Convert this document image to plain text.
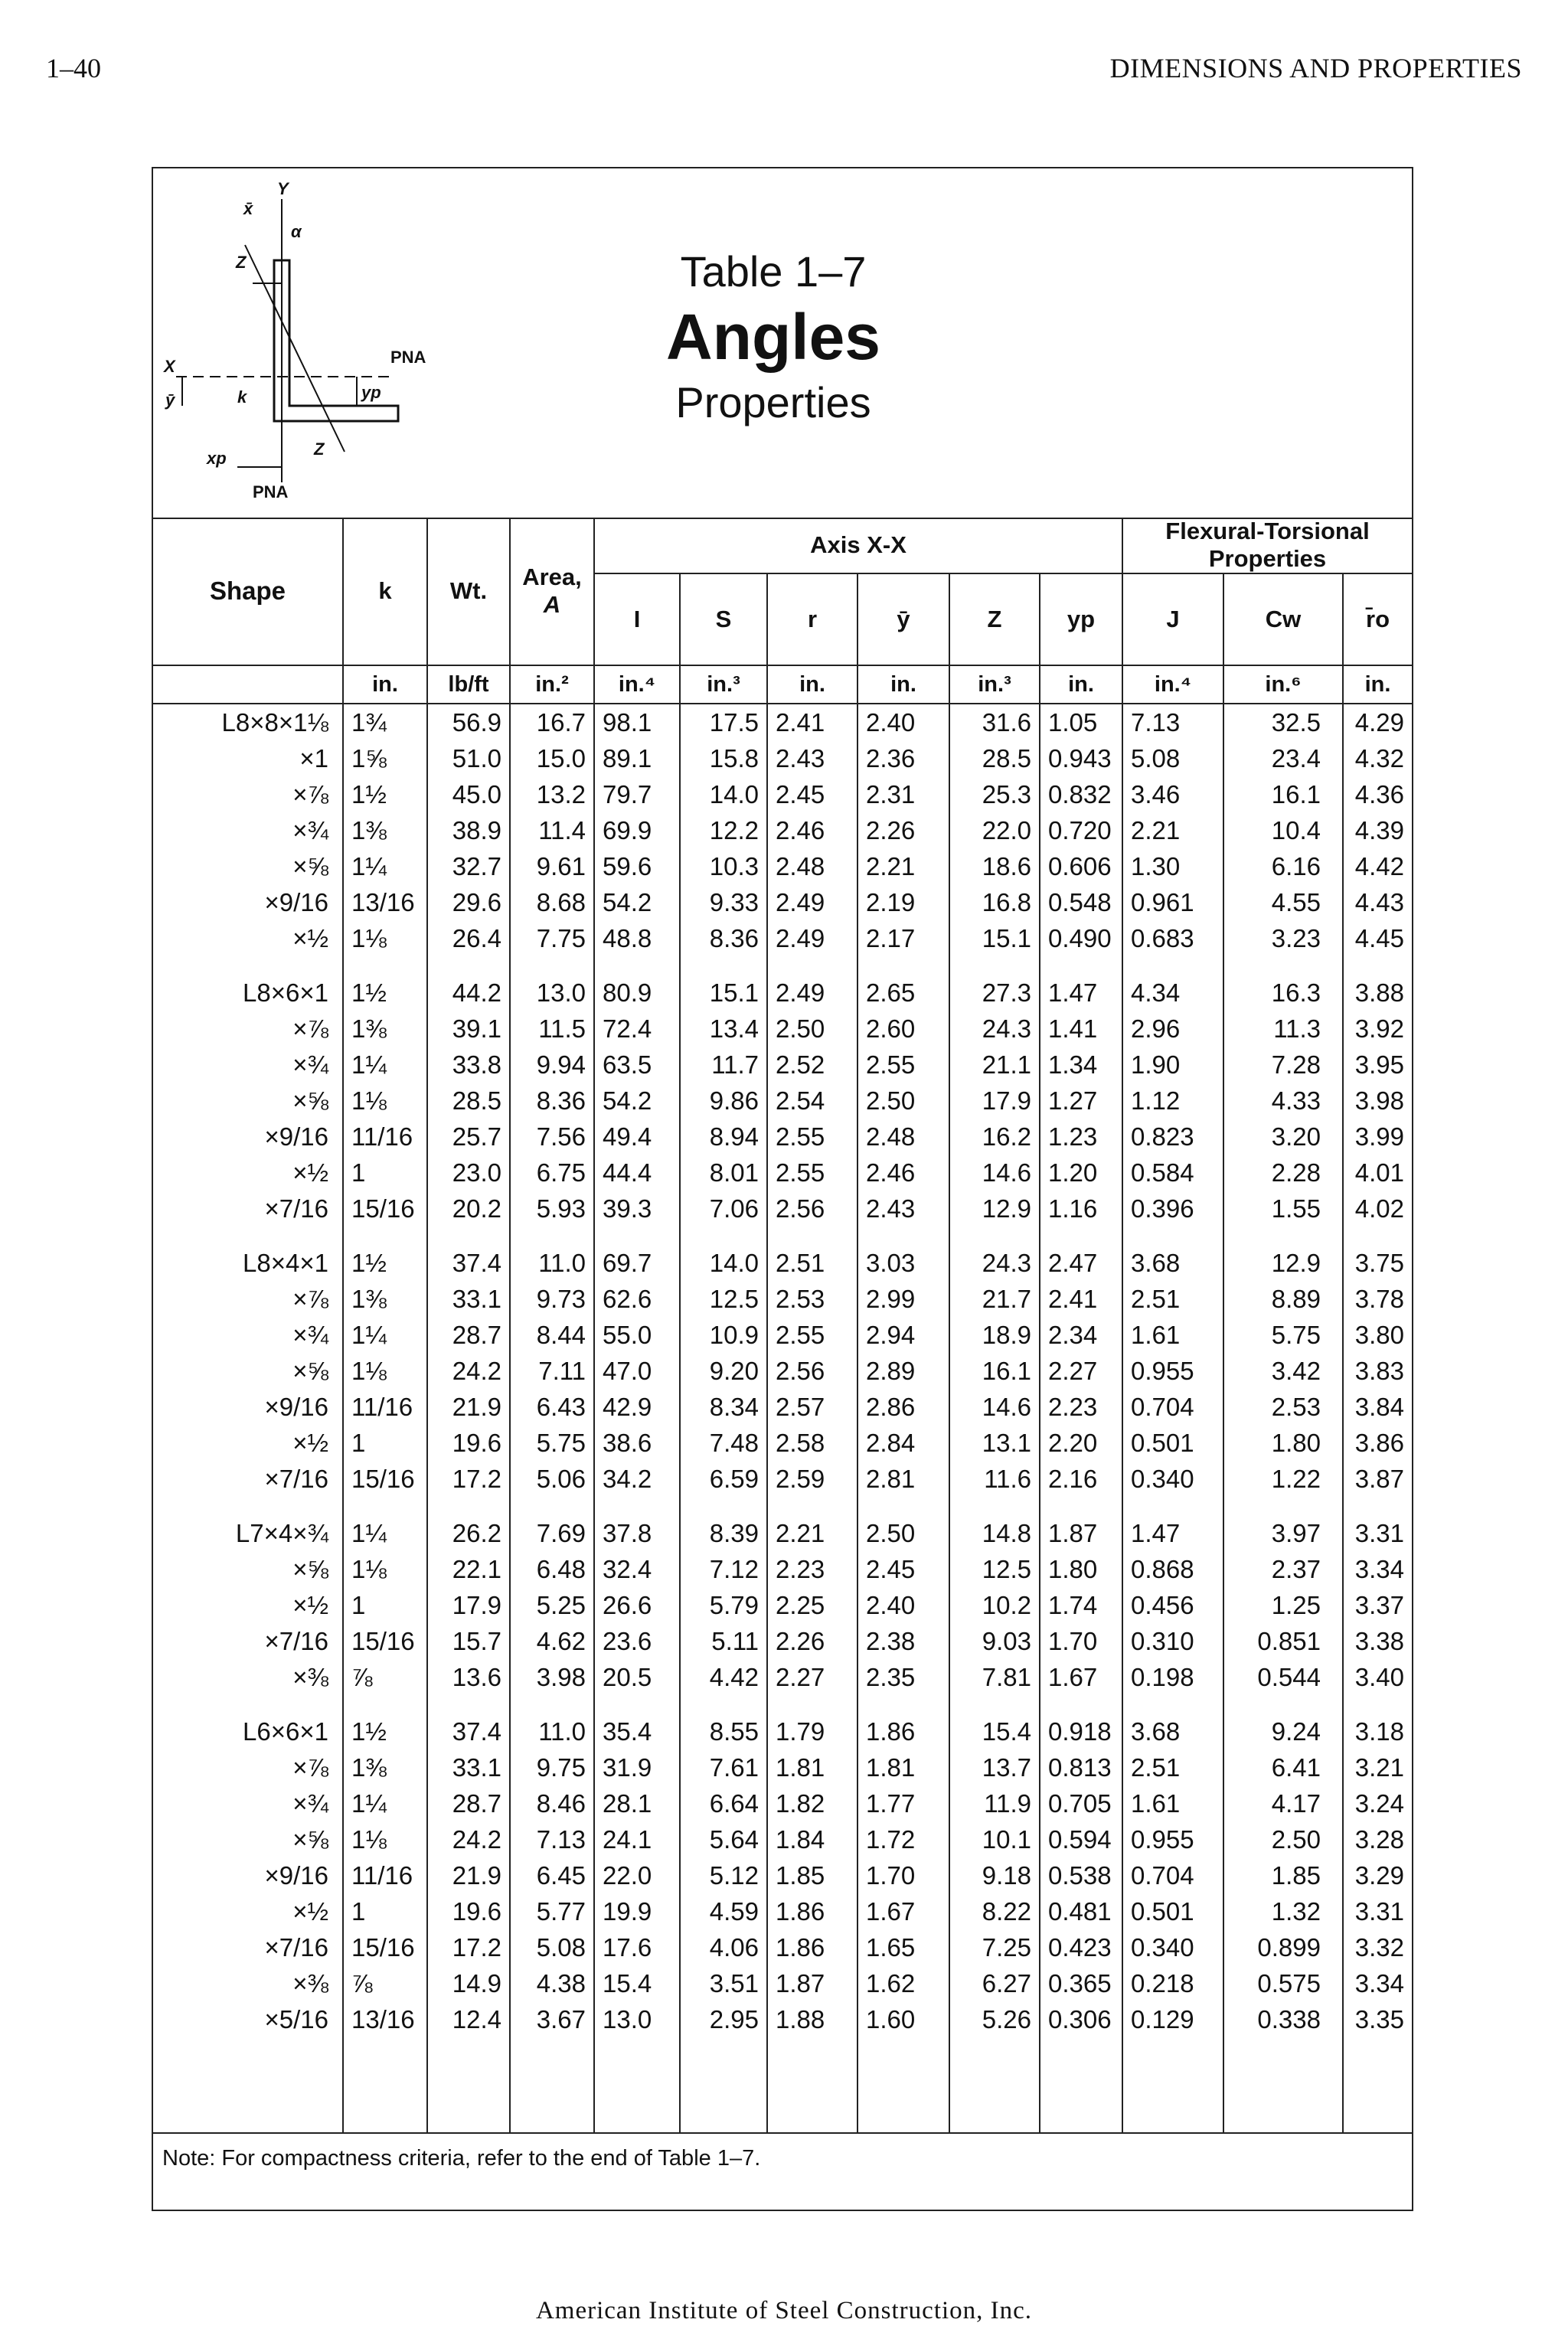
1–40	DIMENSIONS AND PROPERTIES
x̄
Y
Z
α
X
ȳ	k
PNA
yp
xp	Z
PNA
Table 1–7
Angles
Properties
Shape	k	Wt.	Area,
A	Axis X-X						Flexural-Torsional Properties		
				I	S	r	ȳ	Z	yp	J	Cw	r̄o
	in.	lb/ft	in.²	in.⁴	in.³	in.	in.	in.³	in.	in.⁴	in.⁶	in.
L8×8×1⅛	1¾	56.9	16.7	98.1	17.5	2.41	2.40	31.6	1.05	7.13	32.5	4.29
×1	1⅝	51.0	15.0	89.1	15.8	2.43	2.36	28.5	0.943	5.08	23.4	4.32
×⅞	1½	45.0	13.2	79.7	14.0	2.45	2.31	25.3	0.832	3.46	16.1	4.36
×¾	1⅜	38.9	11.4	69.9	12.2	2.46	2.26	22.0	0.720	2.21	10.4	4.39
×⅝	1¼	32.7	9.61	59.6	10.3	2.48	2.21	18.6	0.606	1.30	6.16	4.42
×9/16	13/16	29.6	8.68	54.2	9.33	2.49	2.19	16.8	0.548	0.961	4.55	4.43
×½	1⅛	26.4	7.75	48.8	8.36	2.49	2.17	15.1	0.490	0.683	3.23	4.45

L8×6×1	1½	44.2	13.0	80.9	15.1	2.49	2.65	27.3	1.47	4.34	16.3	3.88
×⅞	1⅜	39.1	11.5	72.4	13.4	2.50	2.60	24.3	1.41	2.96	11.3	3.92
×¾	1¼	33.8	9.94	63.5	11.7	2.52	2.55	21.1	1.34	1.90	7.28	3.95
×⅝	1⅛	28.5	8.36	54.2	9.86	2.54	2.50	17.9	1.27	1.12	4.33	3.98
×9/16	11/16	25.7	7.56	49.4	8.94	2.55	2.48	16.2	1.23	0.823	3.20	3.99
×½	1	23.0	6.75	44.4	8.01	2.55	2.46	14.6	1.20	0.584	2.28	4.01
×7/16	15/16	20.2	5.93	39.3	7.06	2.56	2.43	12.9	1.16	0.396	1.55	4.02

L8×4×1	1½	37.4	11.0	69.7	14.0	2.51	3.03	24.3	2.47	3.68	12.9	3.75
×⅞	1⅜	33.1	9.73	62.6	12.5	2.53	2.99	21.7	2.41	2.51	8.89	3.78
×¾	1¼	28.7	8.44	55.0	10.9	2.55	2.94	18.9	2.34	1.61	5.75	3.80
×⅝	1⅛	24.2	7.11	47.0	9.20	2.56	2.89	16.1	2.27	0.955	3.42	3.83
×9/16	11/16	21.9	6.43	42.9	8.34	2.57	2.86	14.6	2.23	0.704	2.53	3.84
×½	1	19.6	5.75	38.6	7.48	2.58	2.84	13.1	2.20	0.501	1.80	3.86
×7/16	15/16	17.2	5.06	34.2	6.59	2.59	2.81	11.6	2.16	0.340	1.22	3.87

L7×4×¾	1¼	26.2	7.69	37.8	8.39	2.21	2.50	14.8	1.87	1.47	3.97	3.31
×⅝	1⅛	22.1	6.48	32.4	7.12	2.23	2.45	12.5	1.80	0.868	2.37	3.34
×½	1	17.9	5.25	26.6	5.79	2.25	2.40	10.2	1.74	0.456	1.25	3.37
×7/16	15/16	15.7	4.62	23.6	5.11	2.26	2.38	9.03	1.70	0.310	0.851	3.38
×⅜	⅞	13.6	3.98	20.5	4.42	2.27	2.35	7.81	1.67	0.198	0.544	3.40

L6×6×1	1½	37.4	11.0	35.4	8.55	1.79	1.86	15.4	0.918	3.68	9.24	3.18
×⅞	1⅜	33.1	9.75	31.9	7.61	1.81	1.81	13.7	0.813	2.51	6.41	3.21
×¾	1¼	28.7	8.46	28.1	6.64	1.82	1.77	11.9	0.705	1.61	4.17	3.24
×⅝	1⅛	24.2	7.13	24.1	5.64	1.84	1.72	10.1	0.594	0.955	2.50	3.28
×9/16	11/16	21.9	6.45	22.0	5.12	1.85	1.70	9.18	0.538	0.704	1.85	3.29
×½	1	19.6	5.77	19.9	4.59	1.86	1.67	8.22	0.481	0.501	1.32	3.31
×7/16	15/16	17.2	5.08	17.6	4.06	1.86	1.65	7.25	0.423	0.340	0.899	3.32
×⅜	⅞	14.9	4.38	15.4	3.51	1.87	1.62	6.27	0.365	0.218	0.575	3.34
×5/16	13/16	12.4	3.67	13.0	2.95	1.88	1.60	5.26	0.306	0.129	0.338	3.35

Note: For compactness criteria, refer to the end of Table 1–7.												
American Institute of Steel Construction, Inc.
